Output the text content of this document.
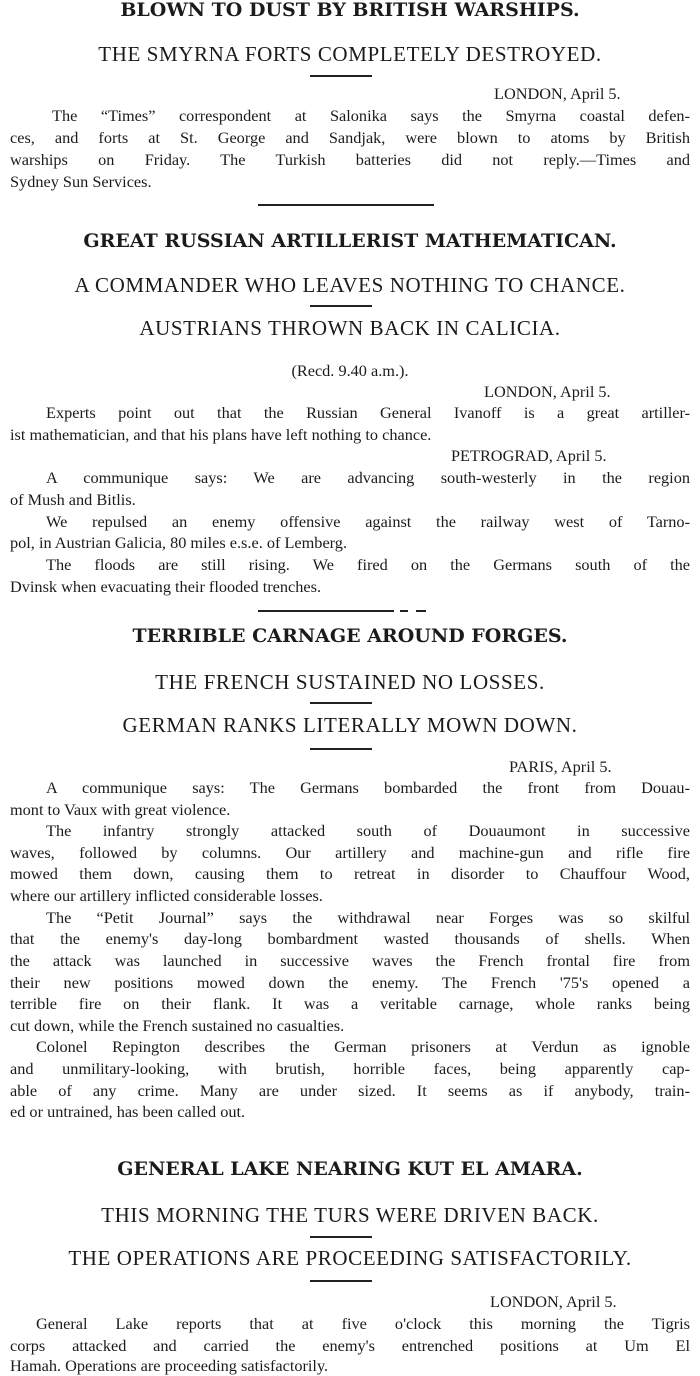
BLOWN TO DUST BY BRITISH WARSHIPS.
THE SMYRNA FORTS COMPLETELY DESTROYED.
LONDON, April 5.
The “Times” correspondent at Salonika says the Smyrna coastal defen-
ces, and forts at St. George and Sandjak, were blown to atoms by British
warships on Friday. The Turkish batteries did not reply.—Times and
Sydney Sun Services.
GREAT RUSSIAN ARTILLERIST MATHEMATICAN.
A COMMANDER WHO LEAVES NOTHING TO CHANCE.
AUSTRIANS THROWN BACK IN CALICIA.
(Recd. 9.40 a.m.).
LONDON, April 5.
Experts point out that the Russian General Ivanoff is a great artiller-
ist mathematician, and that his plans have left nothing to chance.
PETROGRAD, April 5.
A communique says: We are advancing south-westerly in the region
of Mush and Bitlis.
We repulsed an enemy offensive against the railway west of Tarno-
pol, in Austrian Galicia, 80 miles e.s.e. of Lemberg.
The floods are still rising. We fired on the Germans south of the
Dvinsk when evacuating their flooded trenches.
TERRIBLE CARNAGE AROUND FORGES.
THE FRENCH SUSTAINED NO LOSSES.
GERMAN RANKS LITERALLY MOWN DOWN.
PARIS, April 5.
A communique says: The Germans bombarded the front from Douau-
mont to Vaux with great violence.
The infantry strongly attacked south of Douaumont in successive
waves, followed by columns. Our artillery and machine-gun and rifle fire
mowed them down, causing them to retreat in disorder to Chauffour Wood,
where our artillery inflicted considerable losses.
The “Petit Journal” says the withdrawal near Forges was so skilful
that the enemy's day-long bombardment wasted thousands of shells. When
the attack was launched in successive waves the French frontal fire from
their new positions mowed down the enemy. The French '75's opened a
terrible fire on their flank. It was a veritable carnage, whole ranks being
cut down, while the French sustained no casualties.
Colonel Repington describes the German prisoners at Verdun as ignoble
and unmilitary-looking, with brutish, horrible faces, being apparently cap-
able of any crime. Many are under sized. It seems as if anybody, train-
ed or untrained, has been called out.
GENERAL LAKE NEARING KUT EL AMARA.
THIS MORNING THE TURS WERE DRIVEN BACK.
THE OPERATIONS ARE PROCEEDING SATISFACTORILY.
LONDON, April 5.
General Lake reports that at five o'clock this morning the Tigris
corps attacked and carried the enemy's entrenched positions at Um El
Hamah. Operations are proceeding satisfactorily.
